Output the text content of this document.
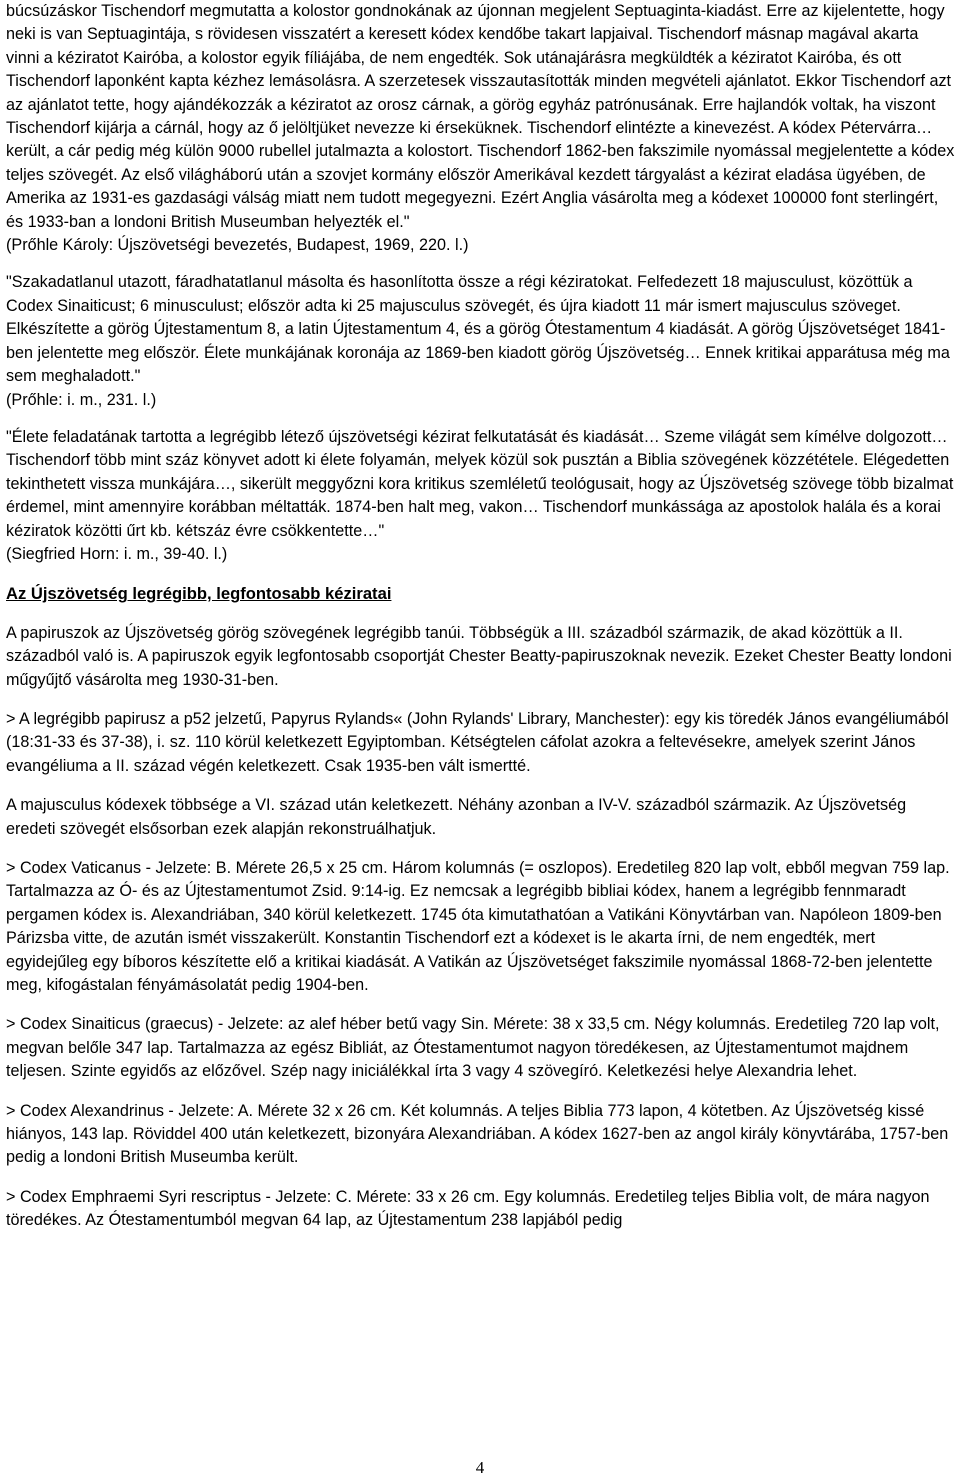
búcsúzáskor Tischendorf megmutatta a kolostor gondnokának az újonnan megjelent Septuaginta-kiadást. Erre az kijelentette, hogy neki is van Septuagintája, s rövidesen visszatért a keresett kódex kendőbe takart lapjaival. Tischendorf másnap magával akarta vinni a kéziratot Kairóba, a kolostor egyik fíliájába, de nem engedték. Sok utánajárásra megküldték a kéziratot Kairóba, és ott Tischendorf laponként kapta kézhez lemásolásra. A szerzetesek visszautasították minden megvételi ajánlatot. Ekkor Tischendorf azt az ajánlatot tette, hogy ajándékozzák a kéziratot az orosz cárnak, a görög egyház patrónusának. Erre hajlandók voltak, ha viszont Tischendorf kijárja a cárnál, hogy az ő jelöltjüket nevezze ki érseküknek. Tischendorf elintézte a kinevezést. A kódex Pétervárra… került, a cár pedig még külön 9000 rubellel jutalmazta a kolostort. Tischendorf 1862-ben fakszimile nyomással megjelentette a kódex teljes szövegét. Az első világháború után a szovjet kormány először Amerikával kezdett tárgyalást a kézirat eladása ügyében, de Amerika az 1931-es gazdasági válság miatt nem tudott megegyezni. Ezért Anglia vásárolta meg a kódexet 100000 font sterlingért, és 1933-ban a londoni British Museumban helyezték el."

(Prőhle Károly: Újszövetségi bevezetés, Budapest, 1969, 220. l.)

"Szakadatlanul utazott, fáradhatatlanul másolta és hasonlította össze a régi kéziratokat. Felfedezett 18 majusculust, közöttük a Codex Sinaiticust; 6 minusculust; először adta ki 25 majusculus szövegét, és újra kiadott 11 már ismert majusculus szöveget. Elkészítette a görög Újtestamentum 8, a latin Újtestamentum 4, és a görög Ótestamentum 4 kiadását. A görög Újszövetséget 1841-ben jelentette meg először. Élete munkájának koronája az 1869-ben kiadott görög Újszövetség… Ennek kritikai apparátusa még ma sem meghaladott."

(Prőhle: i. m., 231. l.)

"Élete feladatának tartotta a legrégibb létező újszövetségi kézirat felkutatását és kiadását… Szeme világát sem kímélve dolgozott… Tischendorf több mint száz könyvet adott ki élete folyamán, melyek közül sok pusztán a Biblia szövegének közzététele. Elégedetten tekinthetett vissza munkájára…, sikerült meggyőzni kora kritikus szemléletű teológusait, hogy az Újszövetség szövege több bizalmat érdemel, mint amennyire korábban méltatták. 1874-ben halt meg, vakon… Tischendorf munkássága az apostolok halála és a korai kéziratok közötti űrt kb. kétszáz évre csökkentette…"

(Siegfried Horn: i. m., 39-40. l.)

Az Újszövetség legrégibb, legfontosabb kéziratai

A papiruszok az Újszövetség görög szövegének legrégibb tanúi. Többségük a III. századból származik, de akad közöttük a II. századból való is. A papiruszok egyik legfontosabb csoportját Chester Beatty-papiruszoknak nevezik. Ezeket Chester Beatty londoni műgyűjtő vásárolta meg 1930-31-ben.

> A legrégibb papirusz a p52 jelzetű, Papyrus Rylands« (John Rylands' Library, Manchester): egy kis töredék János evangéliumából (18:31-33 és 37-38), i. sz. 110 körül keletkezett Egyiptomban. Kétségtelen cáfolat azokra a feltevésekre, amelyek szerint János evangéliuma a II. század végén keletkezett. Csak 1935-ben vált ismertté.

A majusculus kódexek többsége a VI. század után keletkezett. Néhány azonban a IV-V. századból származik. Az Újszövetség eredeti szövegét elsősorban ezek alapján rekonstruálhatjuk.

> Codex Vaticanus - Jelzete: B. Mérete 26,5 x 25 cm. Három kolumnás (= oszlopos). Eredetileg 820 lap volt, ebből megvan 759 lap. Tartalmazza az Ó- és az Újtestamentumot Zsid. 9:14-ig. Ez nemcsak a legrégibb bibliai kódex, hanem a legrégibb fennmaradt pergamen kódex is. Alexandriában, 340 körül keletkezett. 1745 óta kimutathatóan a Vatikáni Könyvtárban van. Napóleon 1809-ben Párizsba vitte, de azután ismét visszakerült. Konstantin Tischendorf ezt a kódexet is le akarta írni, de nem engedték, mert egyidejűleg egy bíboros készítette elő a kritikai kiadását. A Vatikán az Újszövetséget fakszimile nyomással 1868-72-ben jelentette meg, kifogástalan fényámásolatát pedig 1904-ben.

> Codex Sinaiticus (graecus) - Jelzete: az alef héber betű vagy Sin. Mérete: 38 x 33,5 cm. Négy kolumnás. Eredetileg 720 lap volt, megvan belőle 347 lap. Tartalmazza az egész Bibliát, az Ótestamentumot nagyon töredékesen, az Újtestamentumot majdnem teljesen. Szinte egyidős az előzővel. Szép nagy iniciálékkal írta 3 vagy 4 szövegíró. Keletkezési helye Alexandria lehet.

> Codex Alexandrinus - Jelzete: A. Mérete 32 x 26 cm. Két kolumnás. A teljes Biblia 773 lapon, 4 kötetben. Az Újszövetség kissé hiányos, 143 lap. Röviddel 400 után keletkezett, bizonyára Alexandriában. A kódex 1627-ben az angol király könyvtárába, 1757-ben pedig a londoni British Museumba került.

> Codex Emphraemi Syri rescriptus - Jelzete: C. Mérete: 33 x 26 cm. Egy kolumnás. Eredetileg teljes Biblia volt, de mára nagyon töredékes. Az Ótestamentumból megvan 64 lap, az Újtestamentum 238 lapjából pedig

4
